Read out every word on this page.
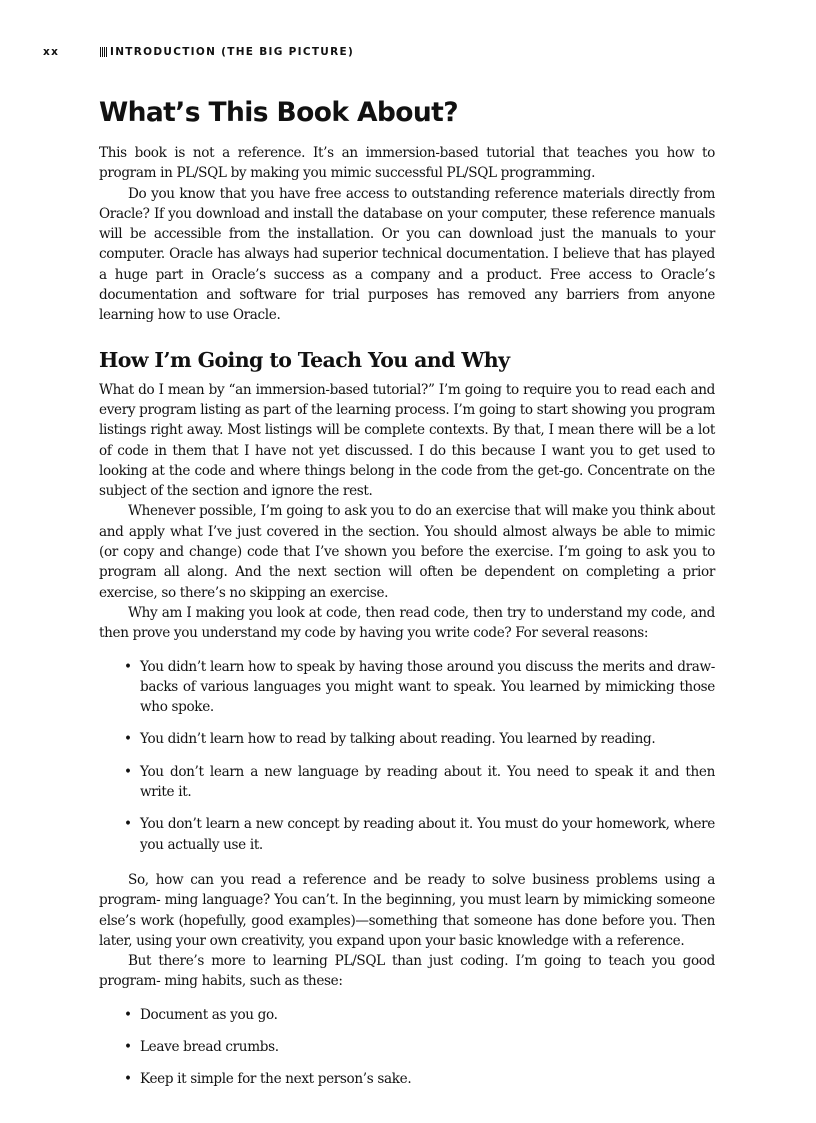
xx	INTRODUCTION (THE BIG PICTURE)
What’s This Book About?

This book is not a reference. It’s an immersion-based tutorial that teaches you how to program in PL/SQL by making you mimic successful PL/SQL programming.

Do you know that you have free access to outstanding reference materials directly from Oracle? If you download and install the database on your computer, these reference manuals will be accessible from the installation. Or you can download just the manuals to your computer. Oracle has always had superior technical documentation. I believe that has played a huge part in Oracle’s success as a company and a product. Free access to Oracle’s documentation and software for trial purposes has removed any barriers from anyone learning how to use Oracle.

How I’m Going to Teach You and Why

What do I mean by “an immersion-based tutorial?” I’m going to require you to read each and every program listing as part of the learning process. I’m going to start showing you program listings right away. Most listings will be complete contexts. By that, I mean there will be a lot of code in them that I have not yet discussed. I do this because I want you to get used to looking at the code and where things belong in the code from the get-go. Concentrate on the subject of the section and ignore the rest.

Whenever possible, I’m going to ask you to do an exercise that will make you think about and apply what I’ve just covered in the section. You should almost always be able to mimic (or copy and change) code that I’ve shown you before the exercise. I’m going to ask you to program all along. And the next section will often be dependent on completing a prior exercise, so there’s no skipping an exercise.

Why am I making you look at code, then read code, then try to understand my code, and then prove you understand my code by having you write code? For several reasons:

• You didn’t learn how to speak by having those around you discuss the merits and draw- backs of various languages you might want to speak. You learned by mimicking those who spoke.
• You didn’t learn how to read by talking about reading. You learned by reading.
• You don’t learn a new language by reading about it. You need to speak it and then write it.
• You don’t learn a new concept by reading about it. You must do your homework, where you actually use it.

So, how can you read a reference and be ready to solve business problems using a program- ming language? You can’t. In the beginning, you must learn by mimicking someone else’s work (hopefully, good examples)—something that someone has done before you. Then later, using your own creativity, you expand upon your basic knowledge with a reference.

But there’s more to learning PL/SQL than just coding. I’m going to teach you good program- ming habits, such as these:

• Document as you go.
• Leave bread crumbs.
• Keep it simple for the next person’s sake.
